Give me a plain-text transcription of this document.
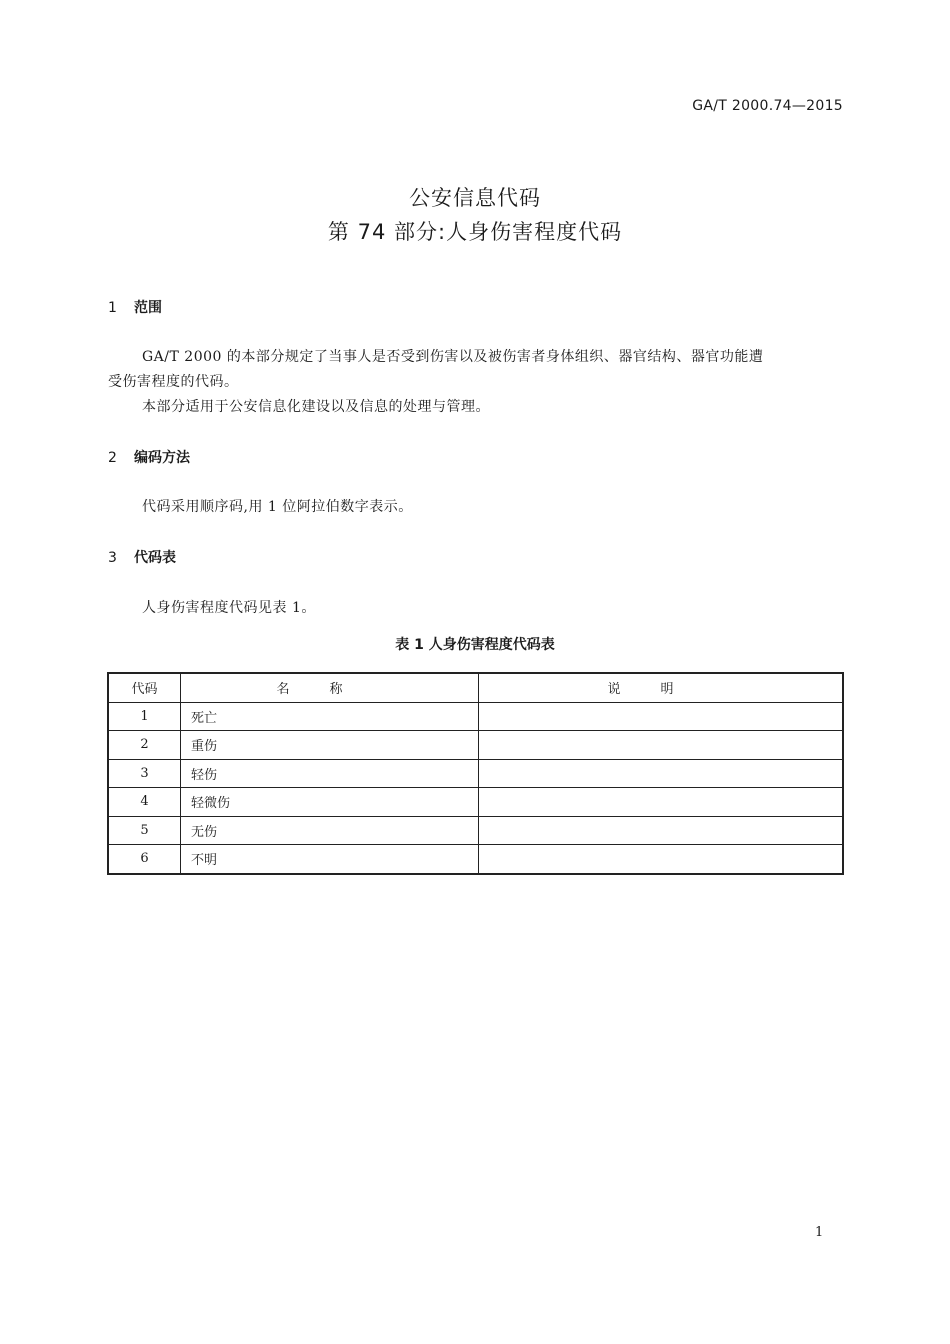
GA/T 2000.74—2015
公安信息代码
第 74 部分:人身伤害程度代码
1 范围
GA/T 2000 的本部分规定了当事人是否受到伤害以及被伤害者身体组织、器官结构、器官功能遭
受伤害程度的代码。
本部分适用于公安信息化建设以及信息的处理与管理。
2 编码方法
代码采用顺序码,用 1 位阿拉伯数字表示。
3 代码表
人身伤害程度代码见表 1。
表 1 人身伤害程度代码表
代码	名称	说明
1	死亡	
2	重伤	
3	轻伤	
4	轻微伤	
5	无伤	
6	不明	
1
